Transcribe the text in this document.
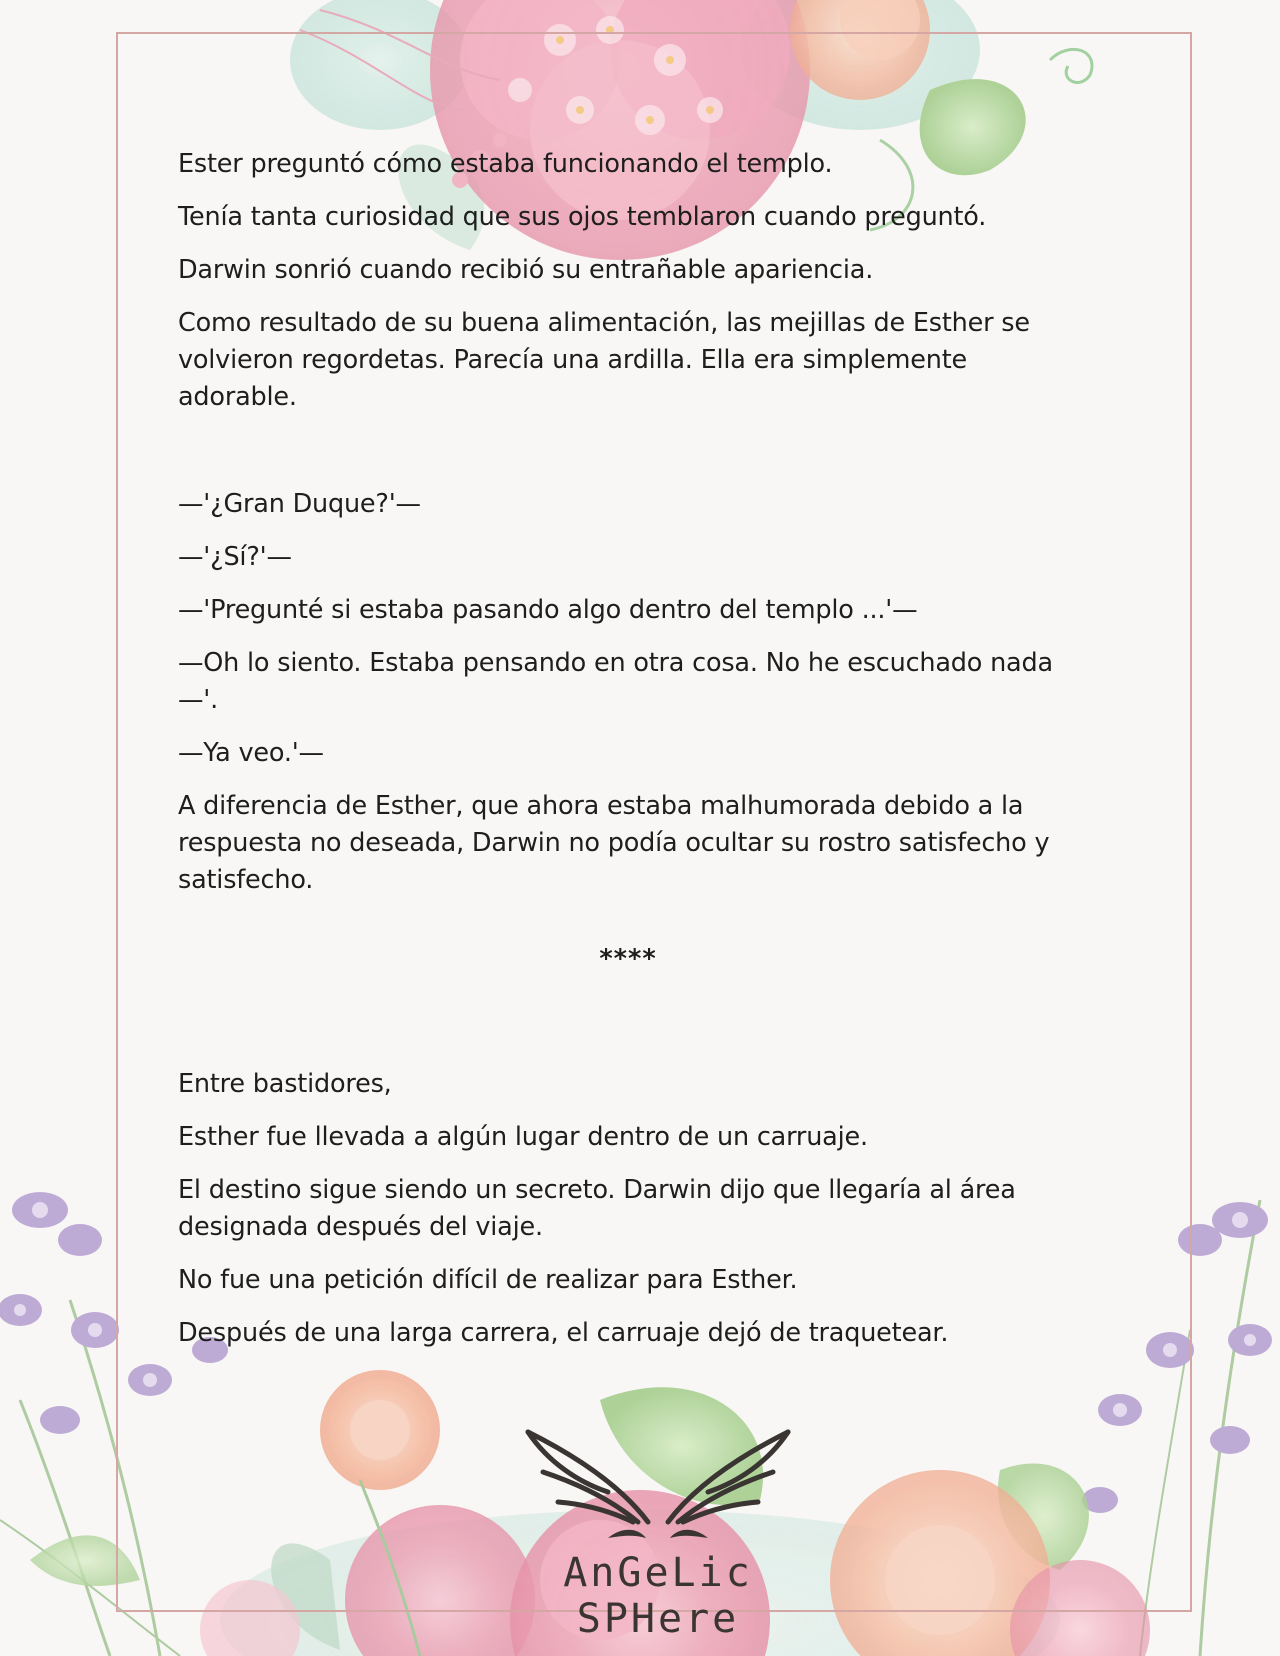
Ester preguntó cómo estaba funcionando el templo.

Tenía tanta curiosidad que sus ojos temblaron cuando preguntó.

Darwin sonrió cuando recibió su entrañable apariencia.

Como resultado de su buena alimentación, las mejillas de Esther se volvieron regordetas. Parecía una ardilla. Ella era simplemente adorable.

—'¿Gran Duque?'—

—'¿Sí?'—

—'Pregunté si estaba pasando algo dentro del templo ...'—

—Oh lo siento. Estaba pensando en otra cosa. No he escuchado nada—'.

—Ya veo.'—

A diferencia de Esther, que ahora estaba malhumorada debido a la respuesta no deseada, Darwin no podía ocultar su rostro satisfecho y satisfecho.

****

Entre bastidores,

Esther fue llevada a algún lugar dentro de un carruaje.

El destino sigue siendo un secreto. Darwin dijo que llegaría al área designada después del viaje.

No fue una petición difícil de realizar para Esther.

Después de una larga carrera, el carruaje dejó de traquetear.

AnGeLic SPHere
